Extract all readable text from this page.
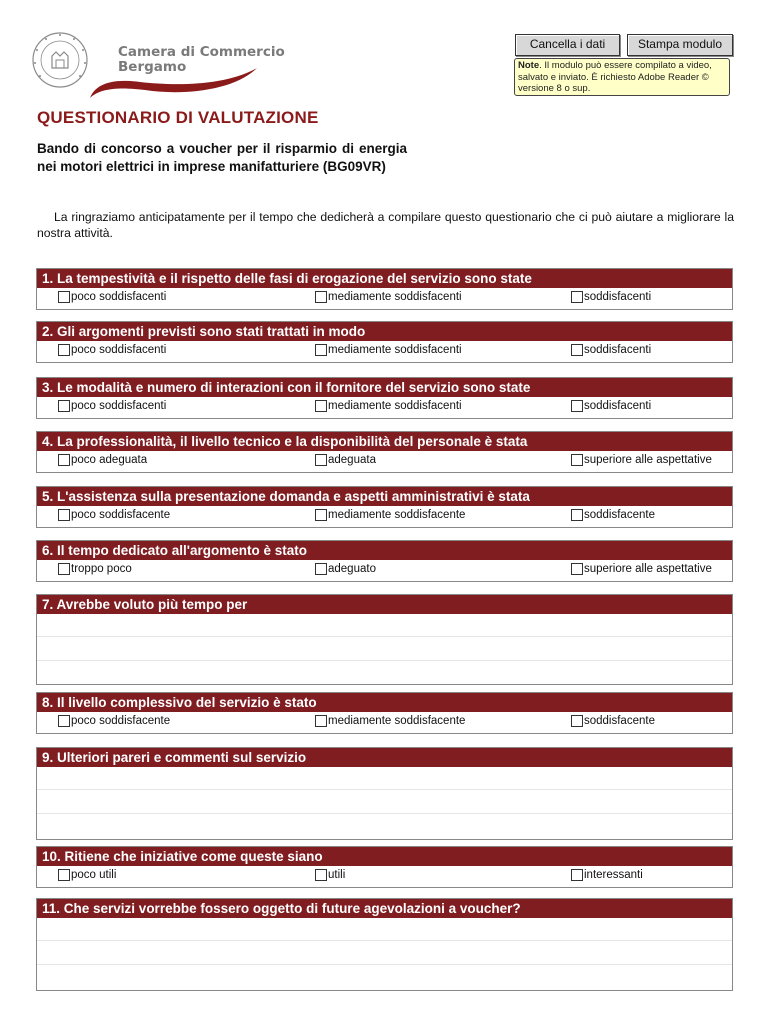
Camera di Commercio
Bergamo
Cancella i dati	Stampa modulo
Note. Il modulo può essere compilato a video, salvato e inviato. È richiesto Adobe Reader © versione 8 o sup.
QUESTIONARIO DI VALUTAZIONE
Bando di concorso a voucher per il risparmio di energia nei motori elettrici in imprese manifatturiere (BG09VR)
La ringraziamo anticipatamente per il tempo che dedicherà a compilare questo questionario che ci può aiutare a migliorare la nostra attività.
1. La tempestività e il rispetto delle fasi di erogazione del servizio sono state
poco soddisfacenti	mediamente soddisfacenti	soddisfacenti
2. Gli argomenti previsti sono stati trattati in modo
poco soddisfacenti	mediamente soddisfacenti	soddisfacenti
3. Le modalità e numero di interazioni con il fornitore del servizio sono state
poco soddisfacenti	mediamente soddisfacenti	soddisfacenti
4. La professionalità, il livello tecnico e la disponibilità del personale è stata
poco adeguata	adeguata	superiore alle aspettative
5. L'assistenza sulla presentazione domanda e aspetti amministrativi è stata
poco soddisfacente	mediamente soddisfacente	soddisfacente
6. Il tempo dedicato all'argomento è stato
troppo poco	adeguato	superiore alle aspettative
7. Avrebbe voluto più tempo per
8. Il livello complessivo del servizio è stato
poco soddisfacente	mediamente soddisfacente	soddisfacente
9. Ulteriori pareri e commenti sul servizio
10. Ritiene che iniziative come queste siano
poco utili	utili	interessanti
11. Che servizi vorrebbe fossero oggetto di future agevolazioni a voucher?
